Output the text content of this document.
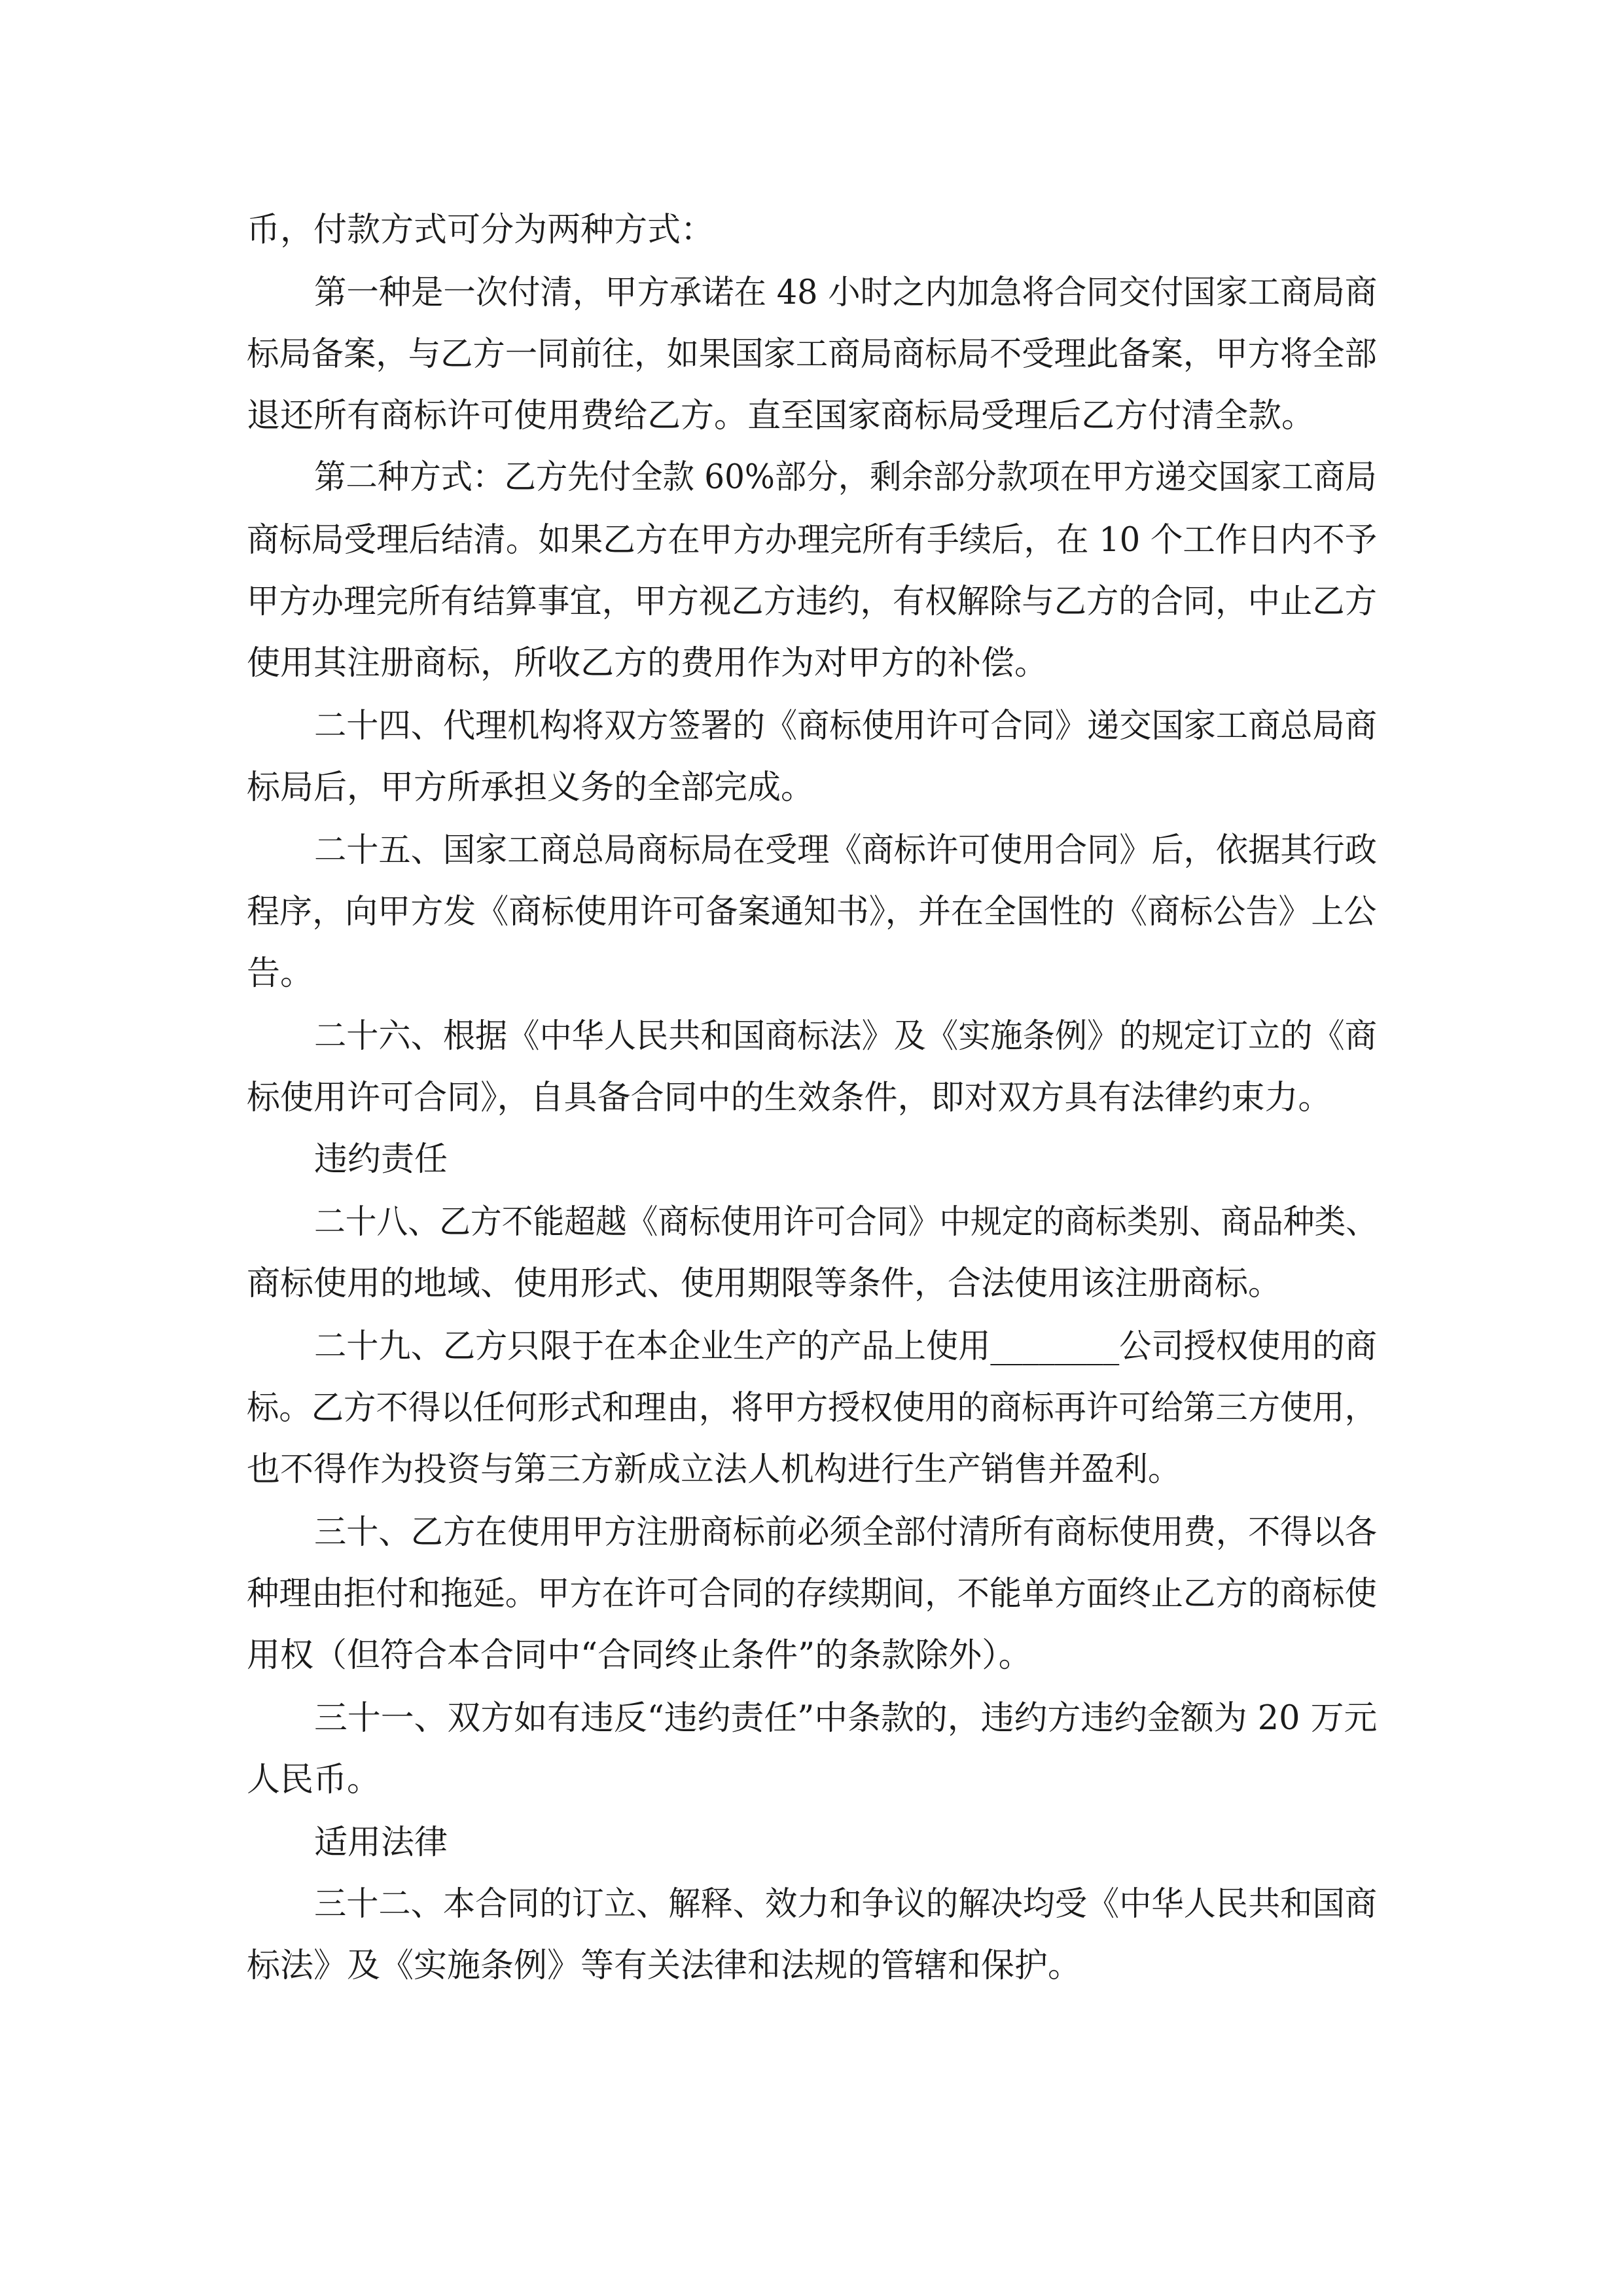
币，付款方式可分为两种方式：
第一种是一次付清，甲方承诺在 48 小时之内加急将合同交付国家工商局商
标局备案，与乙方一同前往，如果国家工商局商标局不受理此备案，甲方将全部
退还所有商标许可使用费给乙方。直至国家商标局受理后乙方付清全款。
第二种方式：乙方先付全款 60%部分，剩余部分款项在甲方递交国家工商局
商标局受理后结清。如果乙方在甲方办理完所有手续后，在 10 个工作日内不予
甲方办理完所有结算事宜，甲方视乙方违约，有权解除与乙方的合同，中止乙方
使用其注册商标，所收乙方的费用作为对甲方的补偿。
二十四、代理机构将双方签署的《商标使用许可合同》递交国家工商总局商
标局后，甲方所承担义务的全部完成。
二十五、国家工商总局商标局在受理《商标许可使用合同》后，依据其行政
程序，向甲方发《商标使用许可备案通知书》，并在全国性的《商标公告》上公
告。
二十六、根据《中华人民共和国商标法》及《实施条例》的规定订立的《商
标使用许可合同》，自具备合同中的生效条件，即对双方具有法律约束力。
违约责任
二十八、乙方不能超越《商标使用许可合同》中规定的商标类别、商品种类、
商标使用的地域、使用形式、使用期限等条件，合法使用该注册商标。
二十九、乙方只限于在本企业生产的产品上使用________公司授权使用的商
标。乙方不得以任何形式和理由，将甲方授权使用的商标再许可给第三方使用，
也不得作为投资与第三方新成立法人机构进行生产销售并盈利。
三十、乙方在使用甲方注册商标前必须全部付清所有商标使用费，不得以各
种理由拒付和拖延。甲方在许可合同的存续期间，不能单方面终止乙方的商标使
用权（但符合本合同中“合同终止条件”的条款除外）。
三十一、双方如有违反“违约责任”中条款的，违约方违约金额为 20 万元
人民币。
适用法律
三十二、本合同的订立、解释、效力和争议的解决均受《中华人民共和国商
标法》及《实施条例》等有关法律和法规的管辖和保护。
